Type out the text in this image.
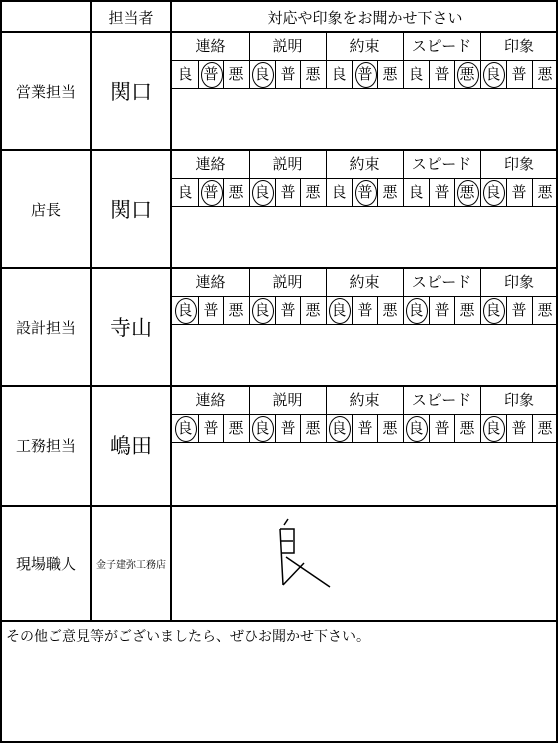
担当者	対応や印象をお聞かせ下さい
営業担当	関口
連絡
良 普 悪
説明
良 普 悪
約束
良 普 悪
スピード
良 普 悪
印象
良 普 悪
店長	関口
連絡
良 普 悪
説明
良 普 悪
約束
良 普 悪
スピード
良 普 悪
印象
良 普 悪
設計担当	寺山
連絡
良 普 悪
説明
良 普 悪
約束
良 普 悪
スピード
良 普 悪
印象
良 普 悪
工務担当	嶋田
連絡
良 普 悪
説明
良 普 悪
約束
良 普 悪
スピード
良 普 悪
印象
良 普 悪
現場職人	金子建弥工務店
その他ご意見等がございましたら、ぜひお聞かせ下さい。
